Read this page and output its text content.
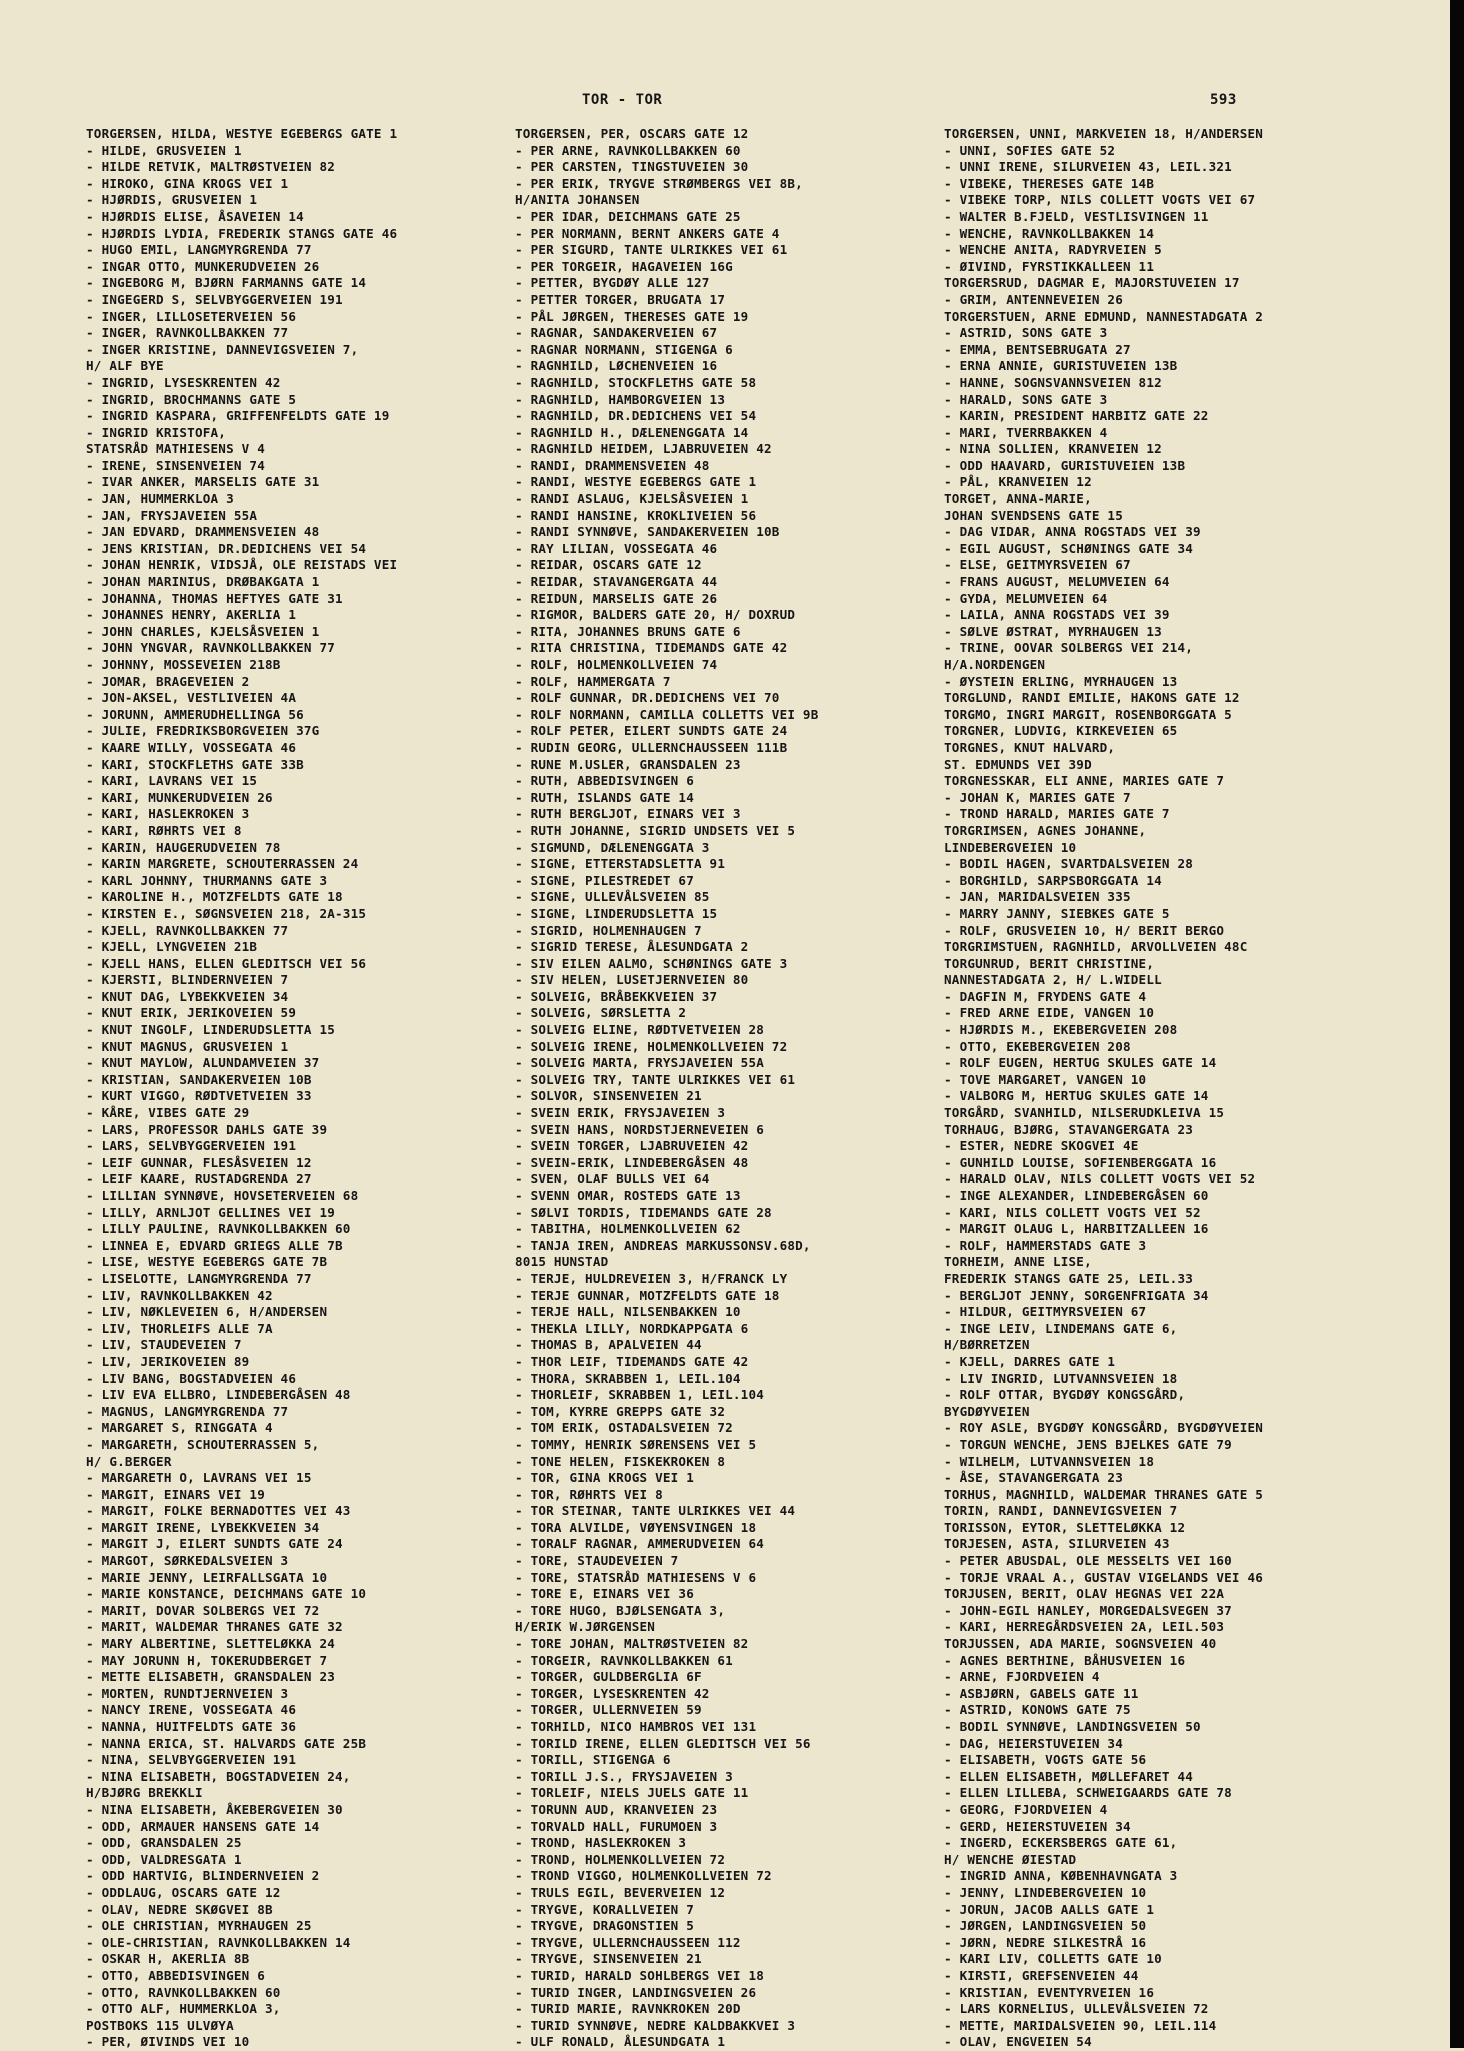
TOR - TOR	593
TORGERSEN, HILDA, WESTYE EGEBERGS GATE 1
- HILDE, GRUSVEIEN 1
- HILDE RETVIK, MALTRØSTVEIEN 82
- HIROKO, GINA KROGS VEI 1
- HJØRDIS, GRUSVEIEN 1
- HJØRDIS ELISE, ÅSAVEIEN 14
- HJØRDIS LYDIA, FREDERIK STANGS GATE 46
- HUGO EMIL, LANGMYRGRENDA 77
- INGAR OTTO, MUNKERUDVEIEN 26
- INGEBORG M, BJØRN FARMANNS GATE 14
- INGEGERD S, SELVBYGGERVEIEN 191
- INGER, LILLOSETERVEIEN 56
- INGER, RAVNKOLLBAKKEN 77
- INGER KRISTINE, DANNEVIGSVEIEN 7,
H/ ALF BYE
- INGRID, LYSESKRENTEN 42
- INGRID, BROCHMANNS GATE 5
- INGRID KASPARA, GRIFFENFELDTS GATE 19
- INGRID KRISTOFA,
STATSRÅD MATHIESENS V 4
- IRENE, SINSENVEIEN 74
- IVAR ANKER, MARSELIS GATE 31
- JAN, HUMMERKLOA 3
- JAN, FRYSJAVEIEN 55A
- JAN EDVARD, DRAMMENSVEIEN 48
- JENS KRISTIAN, DR.DEDICHENS VEI 54
- JOHAN HENRIK, VIDSJÅ, OLE REISTADS VEI
- JOHAN MARINIUS, DRØBAKGATA 1
- JOHANNA, THOMAS HEFTYES GATE 31
- JOHANNES HENRY, AKERLIA 1
- JOHN CHARLES, KJELSÅSVEIEN 1
- JOHN YNGVAR, RAVNKOLLBAKKEN 77
- JOHNNY, MOSSEVEIEN 218B
- JOMAR, BRAGEVEIEN 2
- JON-AKSEL, VESTLIVEIEN 4A
- JORUNN, AMMERUDHELLINGA 56
- JULIE, FREDRIKSBORGVEIEN 37G
- KAARE WILLY, VOSSEGATA 46
- KARI, STOCKFLETHS GATE 33B
- KARI, LAVRANS VEI 15
- KARI, MUNKERUDVEIEN 26
- KARI, HASLEKROKEN 3
- KARI, RØHRTS VEI 8
- KARIN, HAUGERUDVEIEN 78
- KARIN MARGRETE, SCHOUTERRASSEN 24
- KARL JOHNNY, THURMANNS GATE 3
- KAROLINE H., MOTZFELDTS GATE 18
- KIRSTEN E., SØGNSVEIEN 218, 2A-315
- KJELL, RAVNKOLLBAKKEN 77
- KJELL, LYNGVEIEN 21B
- KJELL HANS, ELLEN GLEDITSCH VEI 56
- KJERSTI, BLINDERNVEIEN 7
- KNUT DAG, LYBEKKVEIEN 34
- KNUT ERIK, JERIKOVEIEN 59
- KNUT INGOLF, LINDERUDSLETTA 15
- KNUT MAGNUS, GRUSVEIEN 1
- KNUT MAYLOW, ALUNDAMVEIEN 37
- KRISTIAN, SANDAKERVEIEN 10B
- KURT VIGGO, RØDTVETVEIEN 33
- KÅRE, VIBES GATE 29
- LARS, PROFESSOR DAHLS GATE 39
- LARS, SELVBYGGERVEIEN 191
- LEIF GUNNAR, FLESÅSVEIEN 12
- LEIF KAARE, RUSTADGRENDA 27
- LILLIAN SYNNØVE, HOVSETERVEIEN 68
- LILLY, ARNLJOT GELLINES VEI 19
- LILLY PAULINE, RAVNKOLLBAKKEN 60
- LINNEA E, EDVARD GRIEGS ALLE 7B
- LISE, WESTYE EGEBERGS GATE 7B
- LISELOTTE, LANGMYRGRENDA 77
- LIV, RAVNKOLLBAKKEN 42
- LIV, NØKLEVEIEN 6, H/ANDERSEN
- LIV, THORLEIFS ALLE 7A
- LIV, STAUDEVEIEN 7
- LIV, JERIKOVEIEN 89
- LIV BANG, BOGSTADVEIEN 46
- LIV EVA ELLBRO, LINDEBERGÅSEN 48
- MAGNUS, LANGMYRGRENDA 77
- MARGARET S, RINGGATA 4
- MARGARETH, SCHOUTERRASSEN 5,
H/ G.BERGER
- MARGARETH O, LAVRANS VEI 15
- MARGIT, EINARS VEI 19
- MARGIT, FOLKE BERNADOTTES VEI 43
- MARGIT IRENE, LYBEKKVEIEN 34
- MARGIT J, EILERT SUNDTS GATE 24
- MARGOT, SØRKEDALSVEIEN 3
- MARIE JENNY, LEIRFALLSGATA 10
- MARIE KONSTANCE, DEICHMANS GATE 10
- MARIT, DOVAR SOLBERGS VEI 72
- MARIT, WALDEMAR THRANES GATE 32
- MARY ALBERTINE, SLETTELØKKA 24
- MAY JORUNN H, TOKERUDBERGET 7
- METTE ELISABETH, GRANSDALEN 23
- MORTEN, RUNDTJERNVEIEN 3
- NANCY IRENE, VOSSEGATA 46
- NANNA, HUITFELDTS GATE 36
- NANNA ERICA, ST. HALVARDS GATE 25B
- NINA, SELVBYGGERVEIEN 191
- NINA ELISABETH, BOGSTADVEIEN 24,
H/BJØRG BREKKLI
- NINA ELISABETH, ÅKEBERGVEIEN 30
- ODD, ARMAUER HANSENS GATE 14
- ODD, GRANSDALEN 25
- ODD, VALDRESGATA 1
- ODD HARTVIG, BLINDERNVEIEN 2
- ODDLAUG, OSCARS GATE 12
- OLAV, NEDRE SKØGVEI 8B
- OLE CHRISTIAN, MYRHAUGEN 25
- OLE-CHRISTIAN, RAVNKOLLBAKKEN 14
- OSKAR H, AKERLIA 8B
- OTTO, ABBEDISVINGEN 6
- OTTO, RAVNKOLLBAKKEN 60
- OTTO ALF, HUMMERKLOA 3,
POSTBOKS 115 ULVØYA
- PER, ØIVINDS VEI 10
TORGERSEN, PER, OSCARS GATE 12
- PER ARNE, RAVNKOLLBAKKEN 60
- PER CARSTEN, TINGSTUVEIEN 30
- PER ERIK, TRYGVE STRØMBERGS VEI 8B,
H/ANITA JOHANSEN
- PER IDAR, DEICHMANS GATE 25
- PER NORMANN, BERNT ANKERS GATE 4
- PER SIGURD, TANTE ULRIKKES VEI 61
- PER TORGEIR, HAGAVEIEN 16G
- PETTER, BYGDØY ALLE 127
- PETTER TORGER, BRUGATA 17
- PÅL JØRGEN, THERESES GATE 19
- RAGNAR, SANDAKERVEIEN 67
- RAGNAR NORMANN, STIGENGA 6
- RAGNHILD, LØCHENVEIEN 16
- RAGNHILD, STOCKFLETHS GATE 58
- RAGNHILD, HAMBORGVEIEN 13
- RAGNHILD, DR.DEDICHENS VEI 54
- RAGNHILD H., DÆLENENGGATA 14
- RAGNHILD HEIDEM, LJABRUVEIEN 42
- RANDI, DRAMMENSVEIEN 48
- RANDI, WESTYE EGEBERGS GATE 1
- RANDI ASLAUG, KJELSÅSVEIEN 1
- RANDI HANSINE, KROKLIVEIEN 56
- RANDI SYNNØVE, SANDAKERVEIEN 10B
- RAY LILIAN, VOSSEGATA 46
- REIDAR, OSCARS GATE 12
- REIDAR, STAVANGERGATA 44
- REIDUN, MARSELIS GATE 26
- RIGMOR, BALDERS GATE 20, H/ DOXRUD
- RITA, JOHANNES BRUNS GATE 6
- RITA CHRISTINA, TIDEMANDS GATE 42
- ROLF, HOLMENKOLLVEIEN 74
- ROLF, HAMMERGATA 7
- ROLF GUNNAR, DR.DEDICHENS VEI 70
- ROLF NORMANN, CAMILLA COLLETTS VEI 9B
- ROLF PETER, EILERT SUNDTS GATE 24
- RUDIN GEORG, ULLERNCHAUSSEEN 111B
- RUNE M.USLER, GRANSDALEN 23
- RUTH, ABBEDISVINGEN 6
- RUTH, ISLANDS GATE 14
- RUTH BERGLJOT, EINARS VEI 3
- RUTH JOHANNE, SIGRID UNDSETS VEI 5
- SIGMUND, DÆLENENGGATA 3
- SIGNE, ETTERSTADSLETTA 91
- SIGNE, PILESTREDET 67
- SIGNE, ULLEVÅLSVEIEN 85
- SIGNE, LINDERUDSLETTA 15
- SIGRID, HOLMENHAUGEN 7
- SIGRID TERESE, ÅLESUNDGATA 2
- SIV EILEN AALMO, SCHØNINGS GATE 3
- SIV HELEN, LUSETJERNVEIEN 80
- SOLVEIG, BRÅBEKKVEIEN 37
- SOLVEIG, SØRSLETTA 2
- SOLVEIG ELINE, RØDTVETVEIEN 28
- SOLVEIG IRENE, HOLMENKOLLVEIEN 72
- SOLVEIG MARTA, FRYSJAVEIEN 55A
- SOLVEIG TRY, TANTE ULRIKKES VEI 61
- SOLVOR, SINSENVEIEN 21
- SVEIN ERIK, FRYSJAVEIEN 3
- SVEIN HANS, NORDSTJERNEVEIEN 6
- SVEIN TORGER, LJABRUVEIEN 42
- SVEIN-ERIK, LINDEBERGÅSEN 48
- SVEN, OLAF BULLS VEI 64
- SVENN OMAR, ROSTEDS GATE 13
- SØLVI TORDIS, TIDEMANDS GATE 28
- TABITHA, HOLMENKOLLVEIEN 62
- TANJA IREN, ANDREAS MARKUSSONSV.68D,
8015 HUNSTAD
- TERJE, HULDREVEIEN 3, H/FRANCK LY
- TERJE GUNNAR, MOTZFELDTS GATE 18
- TERJE HALL, NILSENBAKKEN 10
- THEKLA LILLY, NORDKAPPGATA 6
- THOMAS B, APALVEIEN 44
- THOR LEIF, TIDEMANDS GATE 42
- THORA, SKRABBEN 1, LEIL.104
- THORLEIF, SKRABBEN 1, LEIL.104
- TOM, KYRRE GREPPS GATE 32
- TOM ERIK, OSTADALSVEIEN 72
- TOMMY, HENRIK SØRENSENS VEI 5
- TONE HELEN, FISKEKROKEN 8
- TOR, GINA KROGS VEI 1
- TOR, RØHRTS VEI 8
- TOR STEINAR, TANTE ULRIKKES VEI 44
- TORA ALVILDE, VØYENSVINGEN 18
- TORALF RAGNAR, AMMERUDVEIEN 64
- TORE, STAUDEVEIEN 7
- TORE, STATSRÅD MATHIESENS V 6
- TORE E, EINARS VEI 36
- TORE HUGO, BJØLSENGATA 3,
H/ERIK W.JØRGENSEN
- TORE JOHAN, MALTRØSTVEIEN 82
- TORGEIR, RAVNKOLLBAKKEN 61
- TORGER, GULDBERGLIA 6F
- TORGER, LYSESKRENTEN 42
- TORGER, ULLERNVEIEN 59
- TORHILD, NICO HAMBROS VEI 131
- TORILD IRENE, ELLEN GLEDITSCH VEI 56
- TORILL, STIGENGA 6
- TORILL J.S., FRYSJAVEIEN 3
- TORLEIF, NIELS JUELS GATE 11
- TORUNN AUD, KRANVEIEN 23
- TORVALD HALL, FURUMOEN 3
- TROND, HASLEKROKEN 3
- TROND, HOLMENKOLLVEIEN 72
- TROND VIGGO, HOLMENKOLLVEIEN 72
- TRULS EGIL, BEVERVEIEN 12
- TRYGVE, KORALLVEIEN 7
- TRYGVE, DRAGONSTIEN 5
- TRYGVE, ULLERNCHAUSSEEN 112
- TRYGVE, SINSENVEIEN 21
- TURID, HARALD SOHLBERGS VEI 18
- TURID INGER, LANDINGSVEIEN 26
- TURID MARIE, RAVNKROKEN 20D
- TURID SYNNØVE, NEDRE KALDBAKKVEI 3
- ULF RONALD, ÅLESUNDGATA 1
TORGERSEN, UNNI, MARKVEIEN 18, H/ANDERSEN
- UNNI, SOFIES GATE 52
- UNNI IRENE, SILURVEIEN 43, LEIL.321
- VIBEKE, THERESES GATE 14B
- VIBEKE TORP, NILS COLLETT VOGTS VEI 67
- WALTER B.FJELD, VESTLISVINGEN 11
- WENCHE, RAVNKOLLBAKKEN 14
- WENCHE ANITA, RADYRVEIEN 5
- ØIVIND, FYRSTIKKALLEEN 11
TORGERSRUD, DAGMAR E, MAJORSTUVEIEN 17
- GRIM, ANTENNEVEIEN 26
TORGERSTUEN, ARNE EDMUND, NANNESTADGATA 2
- ASTRID, SONS GATE 3
- EMMA, BENTSEBRUGATA 27
- ERNA ANNIE, GURISTUVEIEN 13B
- HANNE, SOGNSVANNSVEIEN 812
- HARALD, SONS GATE 3
- KARIN, PRESIDENT HARBITZ GATE 22
- MARI, TVERRBAKKEN 4
- NINA SOLLIEN, KRANVEIEN 12
- ODD HAAVARD, GURISTUVEIEN 13B
- PÅL, KRANVEIEN 12
TORGET, ANNA-MARIE,
JOHAN SVENDSENS GATE 15
- DAG VIDAR, ANNA ROGSTADS VEI 39
- EGIL AUGUST, SCHØNINGS GATE 34
- ELSE, GEITMYRSVEIEN 67
- FRANS AUGUST, MELUMVEIEN 64
- GYDA, MELUMVEIEN 64
- LAILA, ANNA ROGSTADS VEI 39
- SØLVE ØSTRAT, MYRHAUGEN 13
- TRINE, OOVAR SOLBERGS VEI 214,
H/A.NORDENGEN
- ØYSTEIN ERLING, MYRHAUGEN 13
TORGLUND, RANDI EMILIE, HAKONS GATE 12
TORGMO, INGRI MARGIT, ROSENBORGGATA 5
TORGNER, LUDVIG, KIRKEVEIEN 65
TORGNES, KNUT HALVARD,
ST. EDMUNDS VEI 39D
TORGNESSKAR, ELI ANNE, MARIES GATE 7
- JOHAN K, MARIES GATE 7
- TROND HARALD, MARIES GATE 7
TORGRIMSEN, AGNES JOHANNE,
LINDEBERGVEIEN 10
- BODIL HAGEN, SVARTDALSVEIEN 28
- BORGHILD, SARPSBORGGATA 14
- JAN, MARIDALSVEIEN 335
- MARRY JANNY, SIEBKES GATE 5
- ROLF, GRUSVEIEN 10, H/ BERIT BERGO
TORGRIMSTUEN, RAGNHILD, ARVOLLVEIEN 48C
TORGUNRUD, BERIT CHRISTINE,
NANNESTADGATA 2, H/ L.WIDELL
- DAGFIN M, FRYDENS GATE 4
- FRED ARNE EIDE, VANGEN 10
- HJØRDIS M., EKEBERGVEIEN 208
- OTTO, EKEBERGVEIEN 208
- ROLF EUGEN, HERTUG SKULES GATE 14
- TOVE MARGARET, VANGEN 10
- VALBORG M, HERTUG SKULES GATE 14
TORGÅRD, SVANHILD, NILSERUDKLEIVA 15
TORHAUG, BJØRG, STAVANGERGATA 23
- ESTER, NEDRE SKOGVEI 4E
- GUNHILD LOUISE, SOFIENBERGGATA 16
- HARALD OLAV, NILS COLLETT VOGTS VEI 52
- INGE ALEXANDER, LINDEBERGÅSEN 60
- KARI, NILS COLLETT VOGTS VEI 52
- MARGIT OLAUG L, HARBITZALLEEN 16
- ROLF, HAMMERSTADS GATE 3
TORHEIM, ANNE LISE,
FREDERIK STANGS GATE 25, LEIL.33
- BERGLJOT JENNY, SORGENFRIGATA 34
- HILDUR, GEITMYRSVEIEN 67
- INGE LEIV, LINDEMANS GATE 6,
H/BØRRETZEN
- KJELL, DARRES GATE 1
- LIV INGRID, LUTVANNSVEIEN 18
- ROLF OTTAR, BYGDØY KONGSGÅRD,
BYGDØYVEIEN
- ROY ASLE, BYGDØY KONGSGÅRD, BYGDØYVEIEN
- TORGUN WENCHE, JENS BJELKES GATE 79
- WILHELM, LUTVANNSVEIEN 18
- ÅSE, STAVANGERGATA 23
TORHUS, MAGNHILD, WALDEMAR THRANES GATE 5
TORIN, RANDI, DANNEVIGSVEIEN 7
TORISSON, EYTOR, SLETTELØKKA 12
TORJESEN, ASTA, SILURVEIEN 43
- PETER ABUSDAL, OLE MESSELTS VEI 160
- TORJE VRAAL A., GUSTAV VIGELANDS VEI 46
TORJUSEN, BERIT, OLAV HEGNAS VEI 22A
- JOHN-EGIL HANLEY, MORGEDALSVEGEN 37
- KARI, HERREGÅRDSVEIEN 2A, LEIL.503
TORJUSSEN, ADA MARIE, SOGNSVEIEN 40
- AGNES BERTHINE, BÅHUSVEIEN 16
- ARNE, FJORDVEIEN 4
- ASBJØRN, GABELS GATE 11
- ASTRID, KONOWS GATE 75
- BODIL SYNNØVE, LANDINGSVEIEN 50
- DAG, HEIERSTUVEIEN 34
- ELISABETH, VOGTS GATE 56
- ELLEN ELISABETH, MØLLEFARET 44
- ELLEN LILLEBA, SCHWEIGAARDS GATE 78
- GEORG, FJORDVEIEN 4
- GERD, HEIERSTUVEIEN 34
- INGERD, ECKERSBERGS GATE 61,
H/ WENCHE ØIESTAD
- INGRID ANNA, KØBENHAVNGATA 3
- JENNY, LINDEBERGVEIEN 10
- JORUN, JACOB AALLS GATE 1
- JØRGEN, LANDINGSVEIEN 50
- JØRN, NEDRE SILKESTRÅ 16
- KARI LIV, COLLETTS GATE 10
- KIRSTI, GREFSENVEIEN 44
- KRISTIAN, EVENTYRVEIEN 16
- LARS KORNELIUS, ULLEVÅLSVEIEN 72
- METTE, MARIDALSVEIEN 90, LEIL.114
- OLAV, ENGVEIEN 54
